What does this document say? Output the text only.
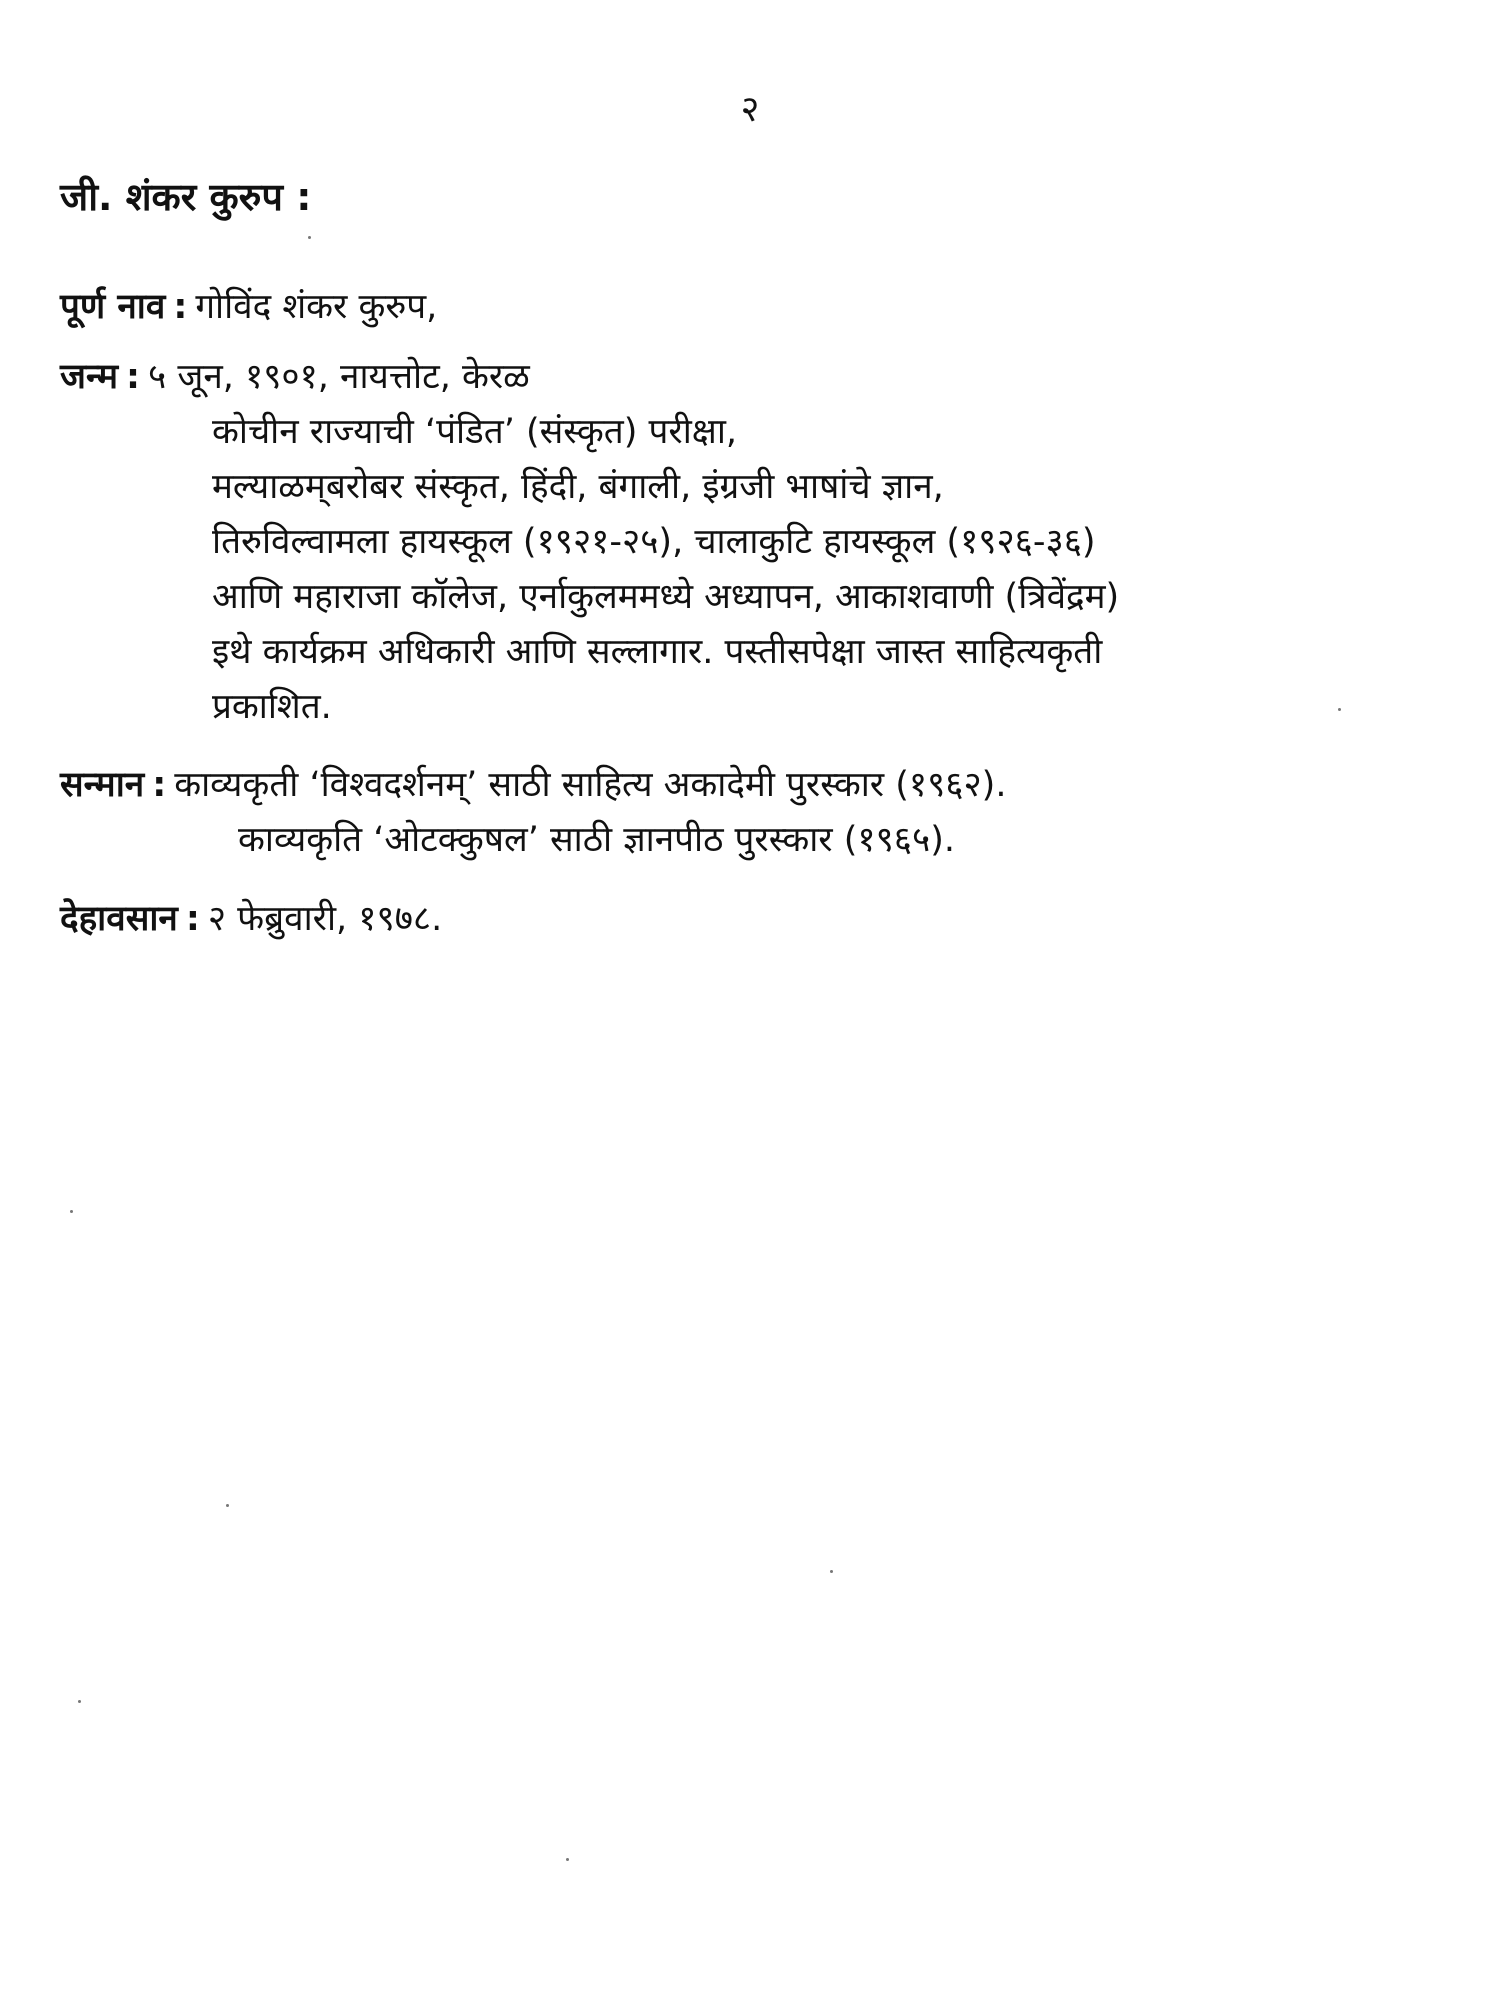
२
जी. शंकर कुरुप :
पूर्ण नाव : गोविंद शंकर कुरुप,
जन्म : ५ जून, १९०१, नायत्तोट, केरळ
कोचीन राज्याची ‘पंडित’ (संस्कृत) परीक्षा,
मल्याळम्‌बरोबर संस्कृत, हिंदी, बंगाली, इंग्रजी भाषांचे ज्ञान,
तिरुविल्वामला हायस्कूल (१९२१-२५), चालाकुटि हायस्कूल (१९२६-३६)
आणि महाराजा कॉलेज, एर्नाकुलममध्ये अध्यापन, आकाशवाणी (त्रिवेंद्रम)
इथे कार्यक्रम अधिकारी आणि सल्लागार. पस्तीसपेक्षा जास्त साहित्यकृती
प्रकाशित.
सन्मान : काव्यकृती ‘विश्वदर्शनम्’ साठी साहित्य अकादेमी पुरस्कार (१९६२).
काव्यकृति ‘ओटक्कुषल’ साठी ज्ञानपीठ पुरस्कार (१९६५).
देहावसान : २ फेब्रुवारी, १९७८.
